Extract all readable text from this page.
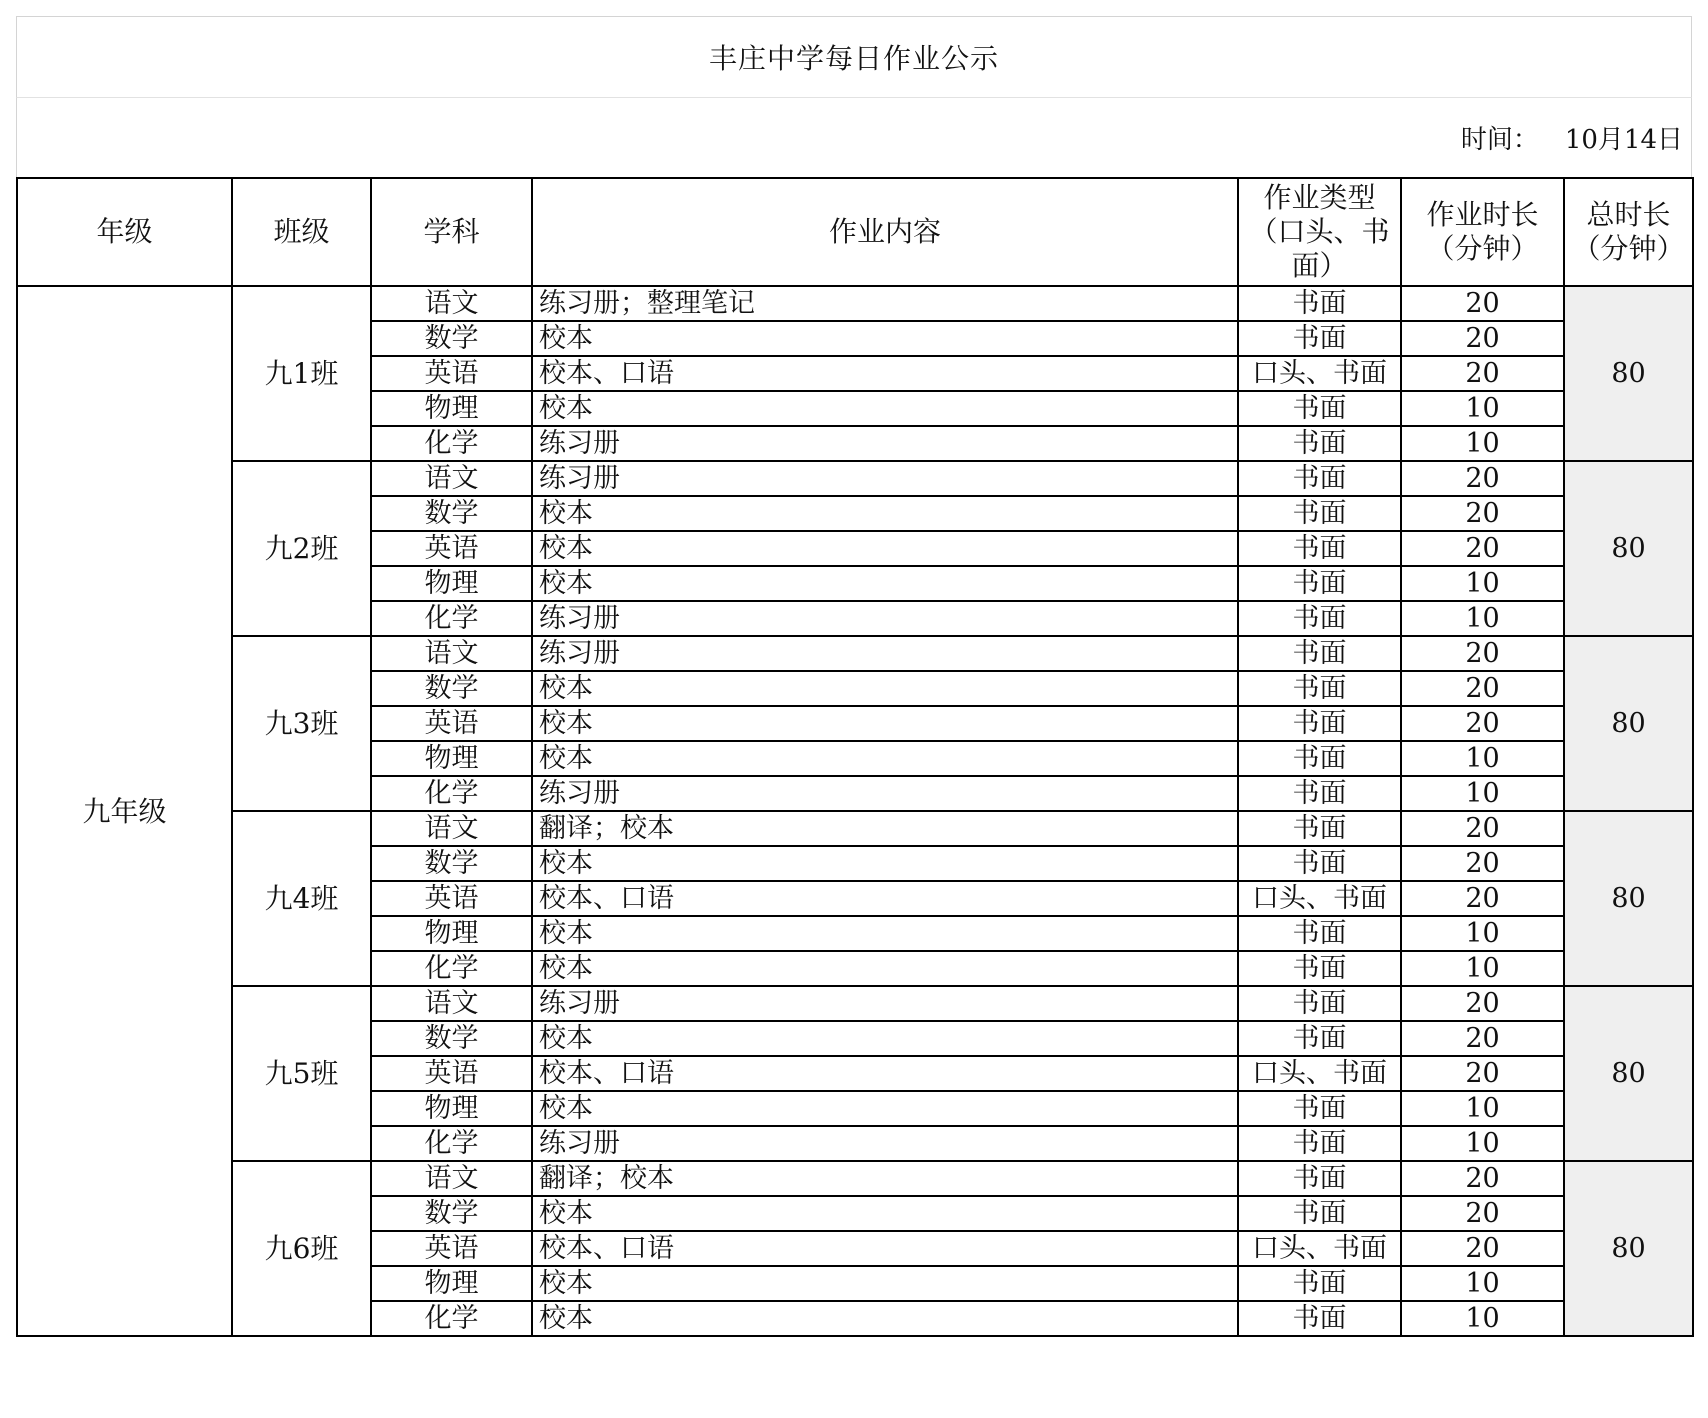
丰庄中学每日作业公示
时间： 10月14日
年级	班级	学科	作业内容	作业类型（口头、书面）	作业时长（分钟）	总时长（分钟）
九年级	九1班	语文	练习册；整理笔记	书面	20	80
		数学	校本	书面	20	
		英语	校本、口语	口头、书面	20	
		物理	校本	书面	10	
		化学	练习册	书面	10	
	九2班	语文	练习册	书面	20	80
		数学	校本	书面	20	
		英语	校本	书面	20	
		物理	校本	书面	10	
		化学	练习册	书面	10	
	九3班	语文	练习册	书面	20	80
		数学	校本	书面	20	
		英语	校本	书面	20	
		物理	校本	书面	10	
		化学	练习册	书面	10	
	九4班	语文	翻译；校本	书面	20	80
		数学	校本	书面	20	
		英语	校本、口语	口头、书面	20	
		物理	校本	书面	10	
		化学	校本	书面	10	
	九5班	语文	练习册	书面	20	80
		数学	校本	书面	20	
		英语	校本、口语	口头、书面	20	
		物理	校本	书面	10	
		化学	练习册	书面	10	
	九6班	语文	翻译；校本	书面	20	80
		数学	校本	书面	20	
		英语	校本、口语	口头、书面	20	
		物理	校本	书面	10	
		化学	校本	书面	10	
